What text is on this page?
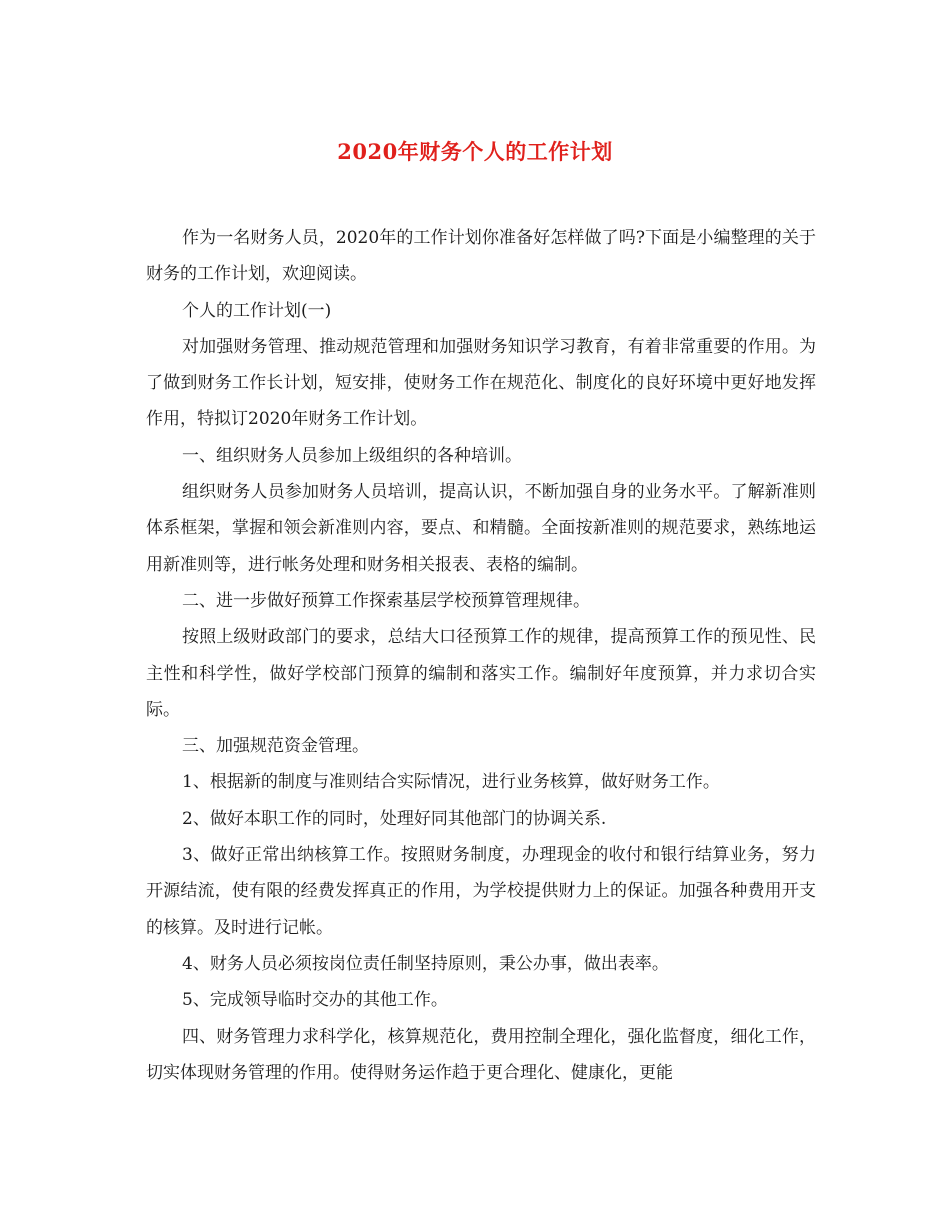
2020年财务个人的工作计划

作为一名财务人员，2020年的工作计划你准备好怎样做了吗?下面是小编整理的关于财务的工作计划，欢迎阅读。

个人的工作计划(一)

对加强财务管理、推动规范管理和加强财务知识学习教育，有着非常重要的作用。为了做到财务工作长计划，短安排，使财务工作在规范化、制度化的良好环境中更好地发挥作用，特拟订2020年财务工作计划。

一、组织财务人员参加上级组织的各种培训。

组织财务人员参加财务人员培训，提高认识，不断加强自身的业务水平。了解新准则体系框架，掌握和领会新准则内容，要点、和精髓。全面按新准则的规范要求，熟练地运用新准则等，进行帐务处理和财务相关报表、表格的编制。

二、进一步做好预算工作探索基层学校预算管理规律。

按照上级财政部门的要求，总结大口径预算工作的规律，提高预算工作的预见性、民主性和科学性，做好学校部门预算的编制和落实工作。编制好年度预算，并力求切合实际。

三、加强规范资金管理。

1、根据新的制度与准则结合实际情况，进行业务核算，做好财务工作。

2、做好本职工作的同时，处理好同其他部门的协调关系.

3、做好正常出纳核算工作。按照财务制度，办理现金的收付和银行结算业务，努力开源结流，使有限的经费发挥真正的作用，为学校提供财力上的保证。加强各种费用开支的核算。及时进行记帐。

4、财务人员必须按岗位责任制坚持原则，秉公办事，做出表率。

5、完成领导临时交办的其他工作。

四、财务管理力求科学化，核算规范化，费用控制全理化，强化监督度，细化工作，切实体现财务管理的作用。使得财务运作趋于更合理化、健康化，更能
